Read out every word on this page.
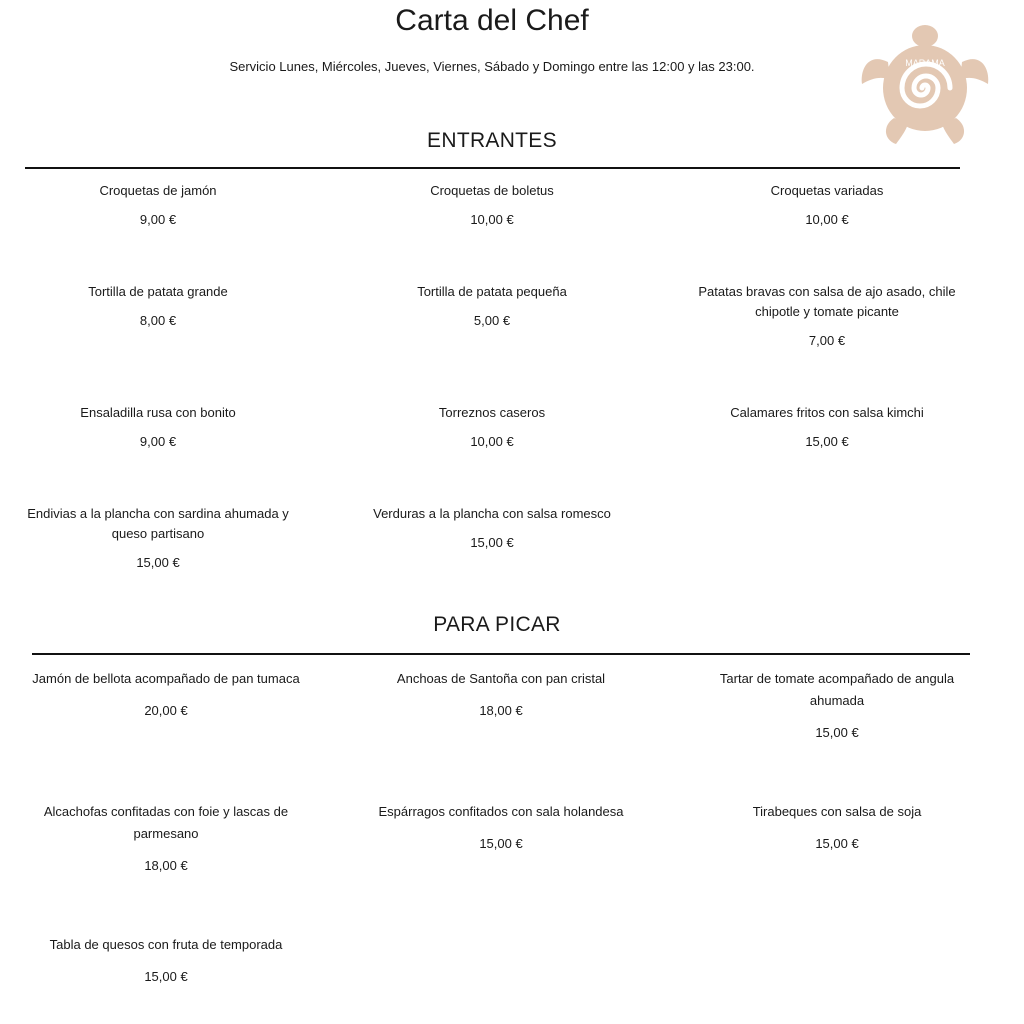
Carta del Chef
Servicio Lunes, Miércoles, Jueves, Viernes, Sábado y Domingo entre las 12:00 y las 23:00.	MARAMA
ENTRANTES
Croquetas de jamón
9,00 €
Croquetas de boletus
10,00 €
Croquetas variadas
10,00 €
Tortilla de patata grande
8,00 €
Tortilla de patata pequeña
5,00 €
Patatas bravas con salsa de ajo asado, chile chipotle y tomate picante
7,00 €
Ensaladilla rusa con bonito
9,00 €
Torreznos caseros
10,00 €
Calamares fritos con salsa kimchi
15,00 €
Endivias a la plancha con sardina ahumada y queso partisano
15,00 €
Verduras a la plancha con salsa romesco
15,00 €
PARA PICAR
Jamón de bellota acompañado de pan tumaca
20,00 €
Anchoas de Santoña con pan cristal
18,00 €
Tartar de tomate acompañado de angula ahumada
15,00 €
Alcachofas confitadas con foie y lascas de parmesano
18,00 €
Espárragos confitados con sala holandesa
15,00 €
Tirabeques con salsa de soja
15,00 €
Tabla de quesos con fruta de temporada
15,00 €
